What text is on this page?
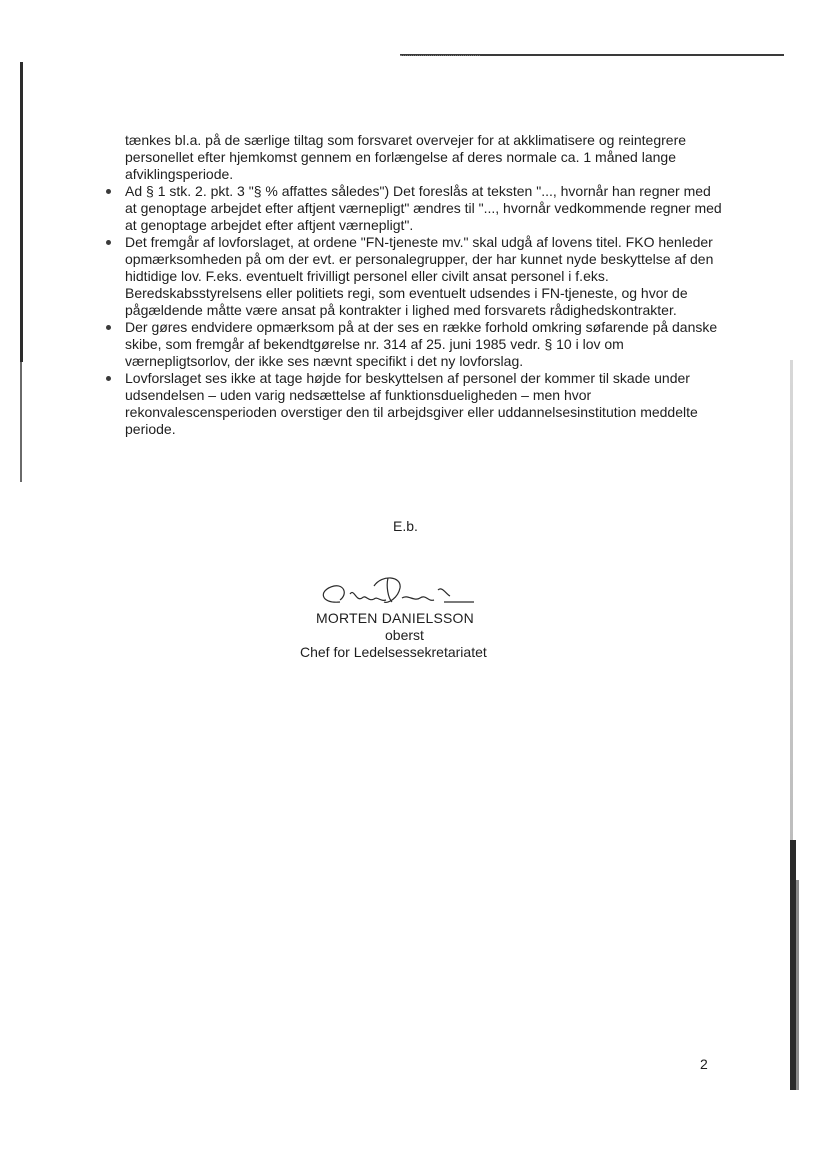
tænkes bl.a. på de særlige tiltag som forsvaret overvejer for at akklimatisere og reintegrere personellet efter hjemkomst gennem en forlængelse af deres normale ca. 1 måned lange afviklingsperiode.
Ad § 1 stk. 2. pkt. 3 "§ % affattes således") Det foreslås at teksten "..., hvornår han regner med at genoptage arbejdet efter aftjent værnepligt" ændres til "..., hvornår vedkommende regner med at genoptage arbejdet efter aftjent værnepligt".
Det fremgår af lovforslaget, at ordene "FN-tjeneste mv." skal udgå af lovens titel. FKO henleder opmærksomheden på om der evt. er personalegrupper, der har kunnet nyde beskyttelse af den hidtidige lov. F.eks. eventuelt frivilligt personel eller civilt ansat personel i f.eks. Beredskabsstyrelsens eller politiets regi, som eventuelt udsendes i FN-tjeneste, og hvor de pågældende måtte være ansat på kontrakter i lighed med forsvarets rådighedskontrakter.
Der gøres endvidere opmærksom på at der ses en række forhold omkring søfarende på danske skibe, som fremgår af bekendtgørelse nr. 314 af 25. juni 1985 vedr. § 10 i lov om værnepligtsorlov, der ikke ses nævnt specifikt i det ny lovforslag.
Lovforslaget ses ikke at tage højde for beskyttelsen af personel der kommer til skade under udsendelsen – uden varig nedsættelse af funktionsdueligheden – men hvor rekonvalescensperioden overstiger den til arbejdsgiver eller uddannelsesinstitution meddelte periode.
E.b.
MORTEN DANIELSSON
oberst
Chef for Ledelsessekretariatet
2
